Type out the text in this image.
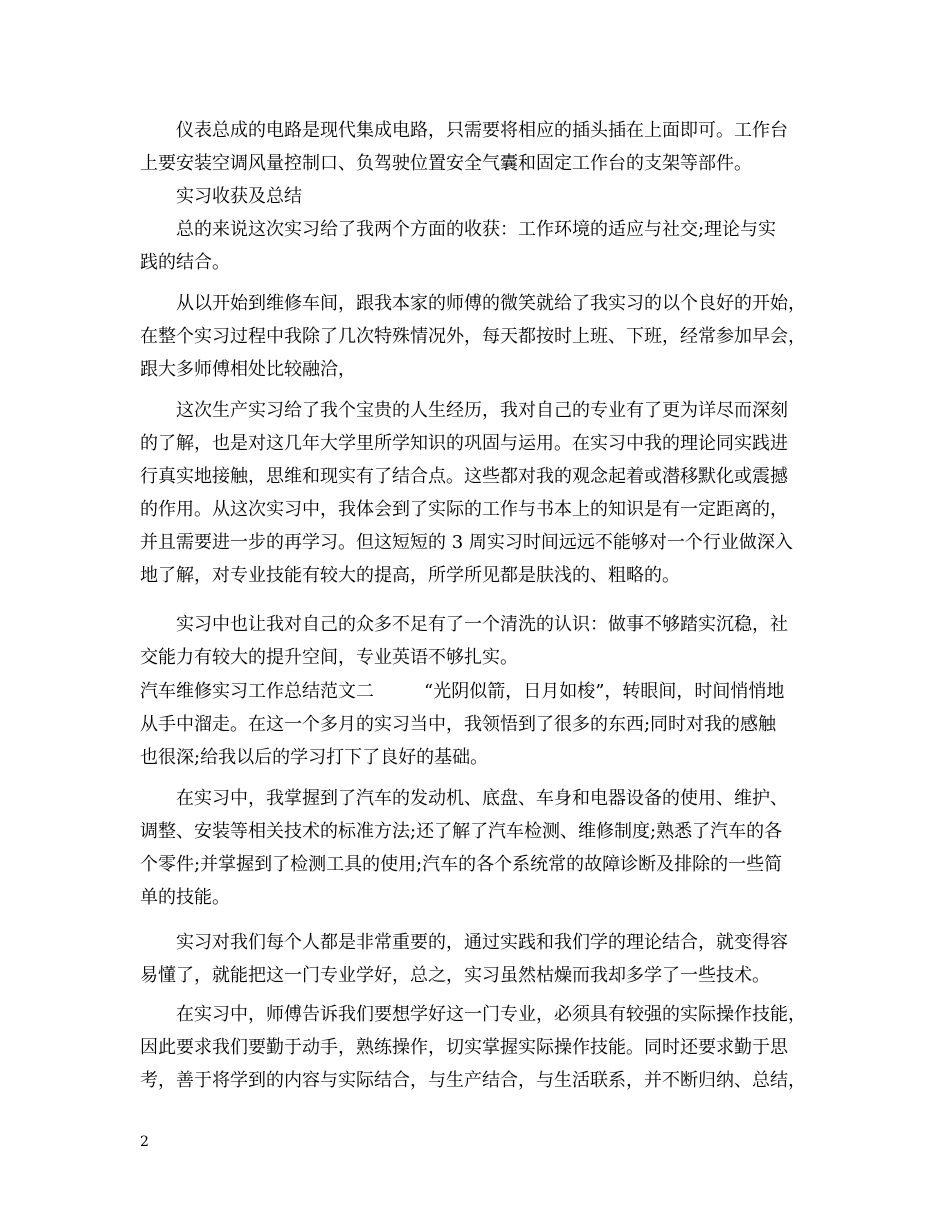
仪表总成的电路是现代集成电路，只需要将相应的插头插在上面即可。工作台
上要安装空调风量控制口、负驾驶位置安全气囊和固定工作台的支架等部件。
实习收获及总结
总的来说这次实习给了我两个方面的收获：工作环境的适应与社交;理论与实
践的结合。
从以开始到维修车间，跟我本家的师傅的微笑就给了我实习的以个良好的开始，
在整个实习过程中我除了几次特殊情况外，每天都按时上班、下班，经常参加早会，
跟大多师傅相处比较融洽，
这次生产实习给了我个宝贵的人生经历，我对自己的专业有了更为详尽而深刻
的了解，也是对这几年大学里所学知识的巩固与运用。在实习中我的理论同实践进
行真实地接触，思维和现实有了结合点。这些都对我的观念起着或潜移默化或震撼
的作用。从这次实习中，我体会到了实际的工作与书本上的知识是有一定距离的，
并且需要进一步的再学习。但这短短的 3 周实习时间远远不能够对一个行业做深入
地了解，对专业技能有较大的提高，所学所见都是肤浅的、粗略的。
实习中也让我对自己的众多不足有了一个清洗的认识：做事不够踏实沉稳，社
交能力有较大的提升空间，专业英语不够扎实。
汽车维修实习工作总结范文二	“光阴似箭，日月如梭”，转眼间，时间悄悄地
从手中溜走。在这一个多月的实习当中，我领悟到了很多的东西;同时对我的感触
也很深;给我以后的学习打下了良好的基础。
在实习中，我掌握到了汽车的发动机、底盘、车身和电器设备的使用、维护、
调整、安装等相关技术的标准方法;还了解了汽车检测、维修制度;熟悉了汽车的各
个零件;并掌握到了检测工具的使用;汽车的各个系统常的故障诊断及排除的一些简
单的技能。
实习对我们每个人都是非常重要的，通过实践和我们学的理论结合，就变得容
易懂了，就能把这一门专业学好，总之，实习虽然枯燥而我却多学了一些技术。
在实习中，师傅告诉我们要想学好这一门专业，必须具有较强的实际操作技能，
因此要求我们要勤于动手，熟练操作，切实掌握实际操作技能。同时还要求勤于思
考，善于将学到的内容与实际结合，与生产结合，与生活联系，并不断归纳、总结，
2
